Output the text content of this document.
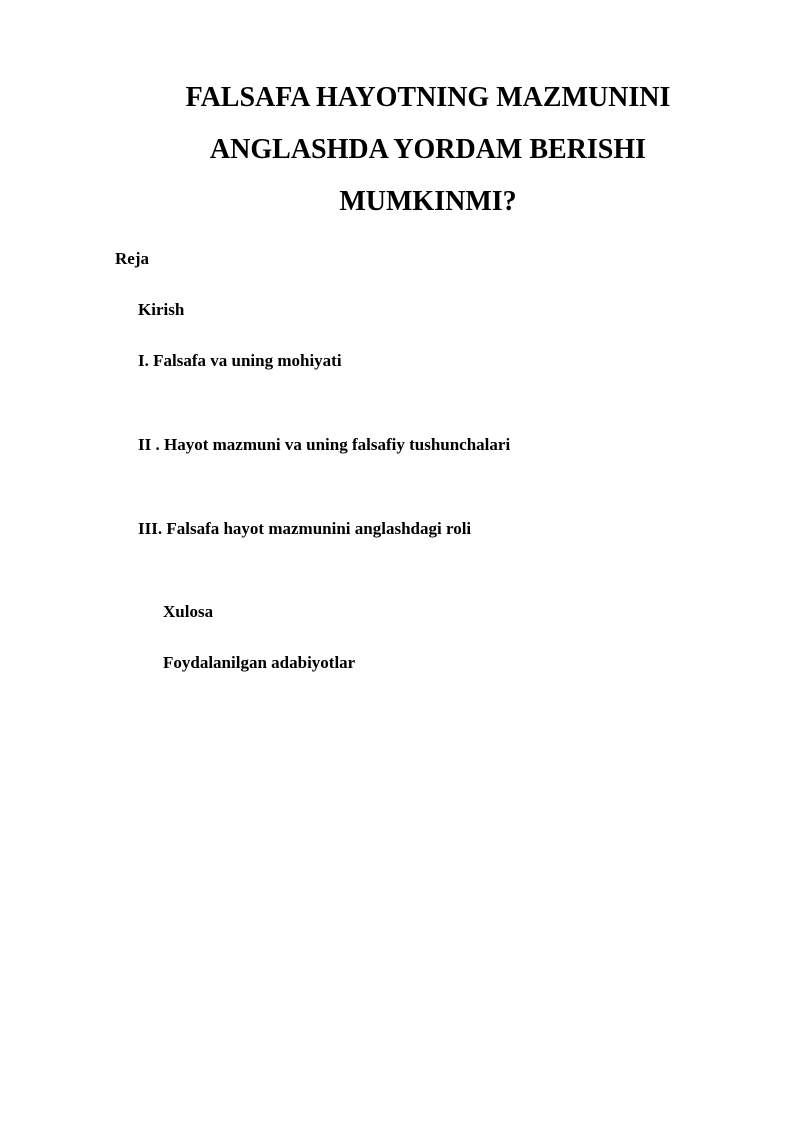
FALSAFA HAYOTNING MAZMUNINI
ANGLASHDA YORDAM BERISHI
MUMKINMI?
Reja
Kirish
I. Falsafa va uning mohiyati
II . Hayot mazmuni va uning falsafiy tushunchalari
III. Falsafa hayot mazmunini anglashdagi roli
Xulosa
Foydalanilgan adabiyotlar
